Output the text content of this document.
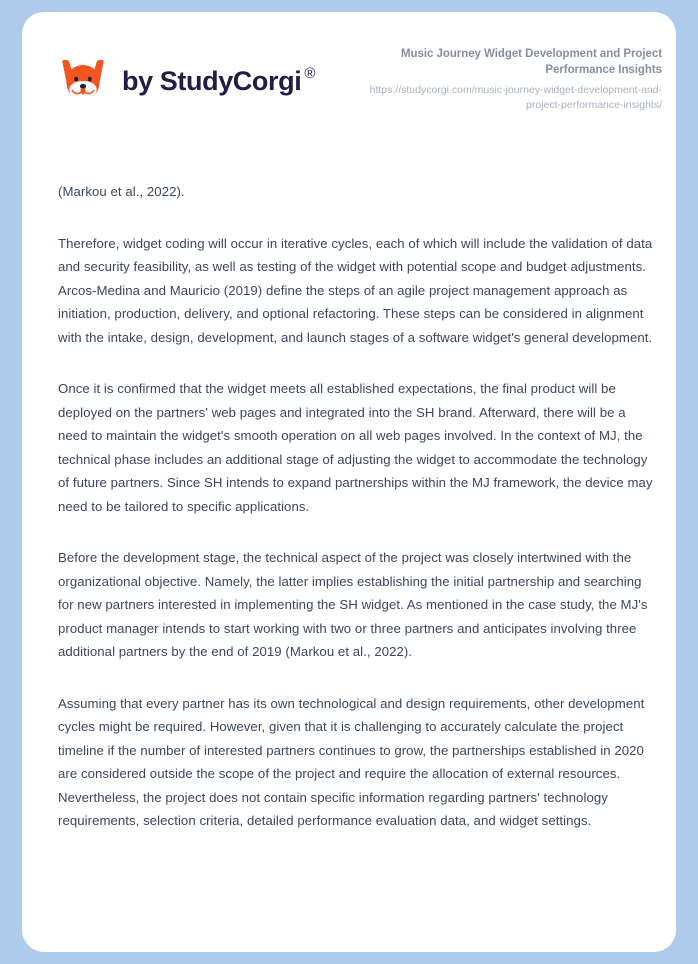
by StudyCorgi ®
Music Journey Widget Development and Project Performance Insights
https://studycorgi.com/music-journey-widget-development-and-project-performance-insights/

(Markou et al., 2022).

Therefore, widget coding will occur in iterative cycles, each of which will include the validation of data and security feasibility, as well as testing of the widget with potential scope and budget adjustments. Arcos-Medina and Mauricio (2019) define the steps of an agile project management approach as initiation, production, delivery, and optional refactoring. These steps can be considered in alignment with the intake, design, development, and launch stages of a software widget's general development.

Once it is confirmed that the widget meets all established expectations, the final product will be deployed on the partners' web pages and integrated into the SH brand. Afterward, there will be a need to maintain the widget's smooth operation on all web pages involved. In the context of MJ, the technical phase includes an additional stage of adjusting the widget to accommodate the technology of future partners. Since SH intends to expand partnerships within the MJ framework, the device may need to be tailored to specific applications.

Before the development stage, the technical aspect of the project was closely intertwined with the organizational objective. Namely, the latter implies establishing the initial partnership and searching for new partners interested in implementing the SH widget. As mentioned in the case study, the MJ's product manager intends to start working with two or three partners and anticipates involving three additional partners by the end of 2019 (Markou et al., 2022).

Assuming that every partner has its own technological and design requirements, other development cycles might be required. However, given that it is challenging to accurately calculate the project timeline if the number of interested partners continues to grow, the partnerships established in 2020 are considered outside the scope of the project and require the allocation of external resources. Nevertheless, the project does not contain specific information regarding partners' technology requirements, selection criteria, detailed performance evaluation data, and widget settings.
